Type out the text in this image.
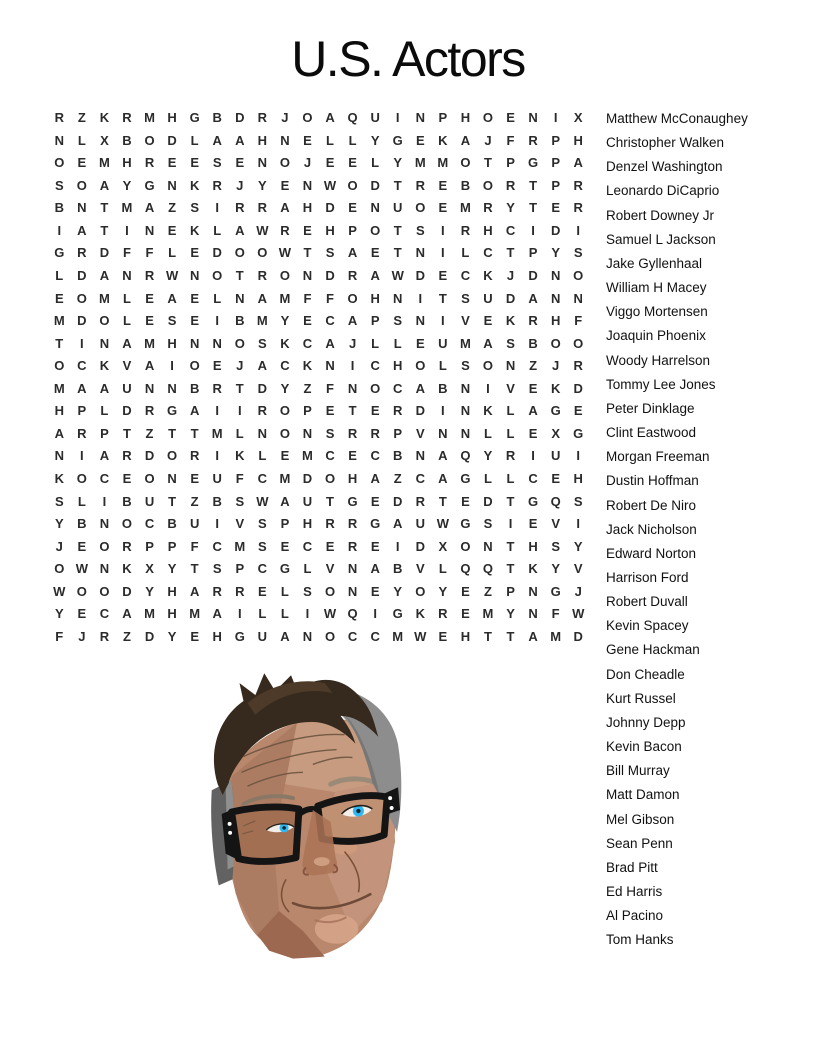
U.S. Actors
R Z K R M H G B D R J O A Q U I N P H O E N I X
N L X B O D L A A H N E L L Y G E K A J F R P H
O E M H R E E S E N O J E E L Y M M O T P G P A
S O A Y G N K R J Y E N W O D T R E B O R T P R
B N T M A Z S I R R A H D E N U O E M R Y T E R
I A T I N E K L A W R E H P O T S I R H C I D I
G R D F F L E D O O W T S A E T N I L C T P Y S
L D A N R W N O T R O N D R A W D E C K J D N O
E O M L E A E L N A M F F O H N I T S U D A N N
M D O L E S E I B M Y E C A P S N I V E K R H F
T I N A M H N N O S K C A J L L E U M A S B O O
O C K V A I O E J A C K N I C H O L S O N Z J R
M A A U N N B R T D Y Z F N O C A B N I V E K D
H P L D R G A I I R O P E T E R D I N K L A G E
A R P T Z T T M L N O N S R R P V N N L L E X G
N I A R D O R I K L E M C E C B N A Q Y R I U I
K O C E O N E U F C M D O H A Z C A G L L C E H
S L I B U T Z B S W A U T G E D R T E D T G Q S
Y B N O C B U I V S P H R R G A U W G S I E V I
J E O R P P F C M S E C E R E I D X O N T H S Y
O W N K X Y T S P C G L V N A B V L Q Q T K Y V
W O O D Y H A R R E L S O N E Y O Y E Z P N G J
Y E C A M H M A I L L I W Q I G K R E M Y N F W
F J R Z D Y E H G U A N O C C M W E H T T A M D
Matthew McConaughey
Christopher Walken
Denzel Washington
Leonardo DiCaprio
Robert Downey Jr
Samuel L Jackson
Jake Gyllenhaal
William H Macey
Viggo Mortensen
Joaquin Phoenix
Woody Harrelson
Tommy Lee Jones
Peter Dinklage
Clint Eastwood
Morgan Freeman
Dustin Hoffman
Robert De Niro
Jack Nicholson
Edward Norton
Harrison Ford
Robert Duvall
Kevin Spacey
Gene Hackman
Don Cheadle
Kurt Russel
Johnny Depp
Kevin Bacon
Bill Murray
Matt Damon
Mel Gibson
Sean Penn
Brad Pitt
Ed Harris
Al Pacino
Tom Hanks
